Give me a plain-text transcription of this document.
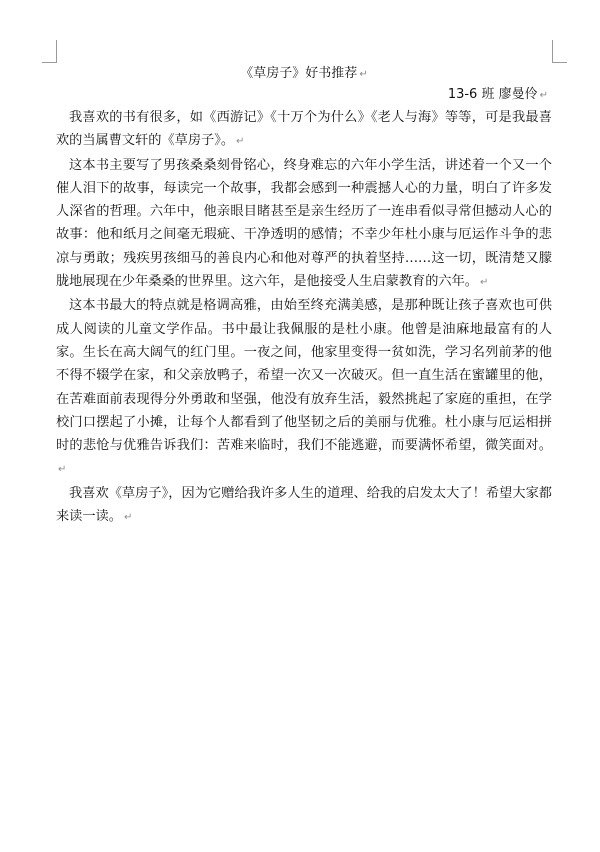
《草房子》好书推荐 ↵

13-6 班 廖曼伶 ↵

我喜欢的书有很多，如《西游记》《十万个为什么》《老人与海》等等，可是我最喜欢的当属曹文轩的《草房子》。 ↵

这本书主要写了男孩桑桑刻骨铭心，终身难忘的六年小学生活，讲述着一个又一个催人泪下的故事，每读完一个故事，我都会感到一种震撼人心的力量，明白了许多发人深省的哲理。六年中，他亲眼目睹甚至是亲生经历了一连串看似寻常但撼动人心的故事：他和纸月之间毫无瑕疵、干净透明的感情；不幸少年杜小康与厄运作斗争的悲凉与勇敢；残疾男孩细马的善良内心和他对尊严的执着坚持……这一切，既清楚又朦胧地展现在少年桑桑的世界里。这六年，是他接受人生启蒙教育的六年。 ↵

这本书最大的特点就是格调高雅，由始至终充满美感，是那种既让孩子喜欢也可供成人阅读的儿童文学作品。书中最让我佩服的是杜小康。他曾是油麻地最富有的人家。生长在高大阔气的红门里。一夜之间，他家里变得一贫如洗，学习名列前茅的他不得不辍学在家，和父亲放鸭子，希望一次又一次破灭。但一直生活在蜜罐里的他，在苦难面前表现得分外勇敢和坚强，他没有放弃生活，毅然挑起了家庭的重担，在学校门口摆起了小摊，让每个人都看到了他坚韧之后的美丽与优雅。杜小康与厄运相拼时的悲怆与优雅告诉我们：苦难来临时，我们不能逃避，而要满怀希望，微笑面对。↵

我喜欢《草房子》，因为它赠给我许多人生的道理、给我的启发太大了！希望大家都来读一读。 ↵
